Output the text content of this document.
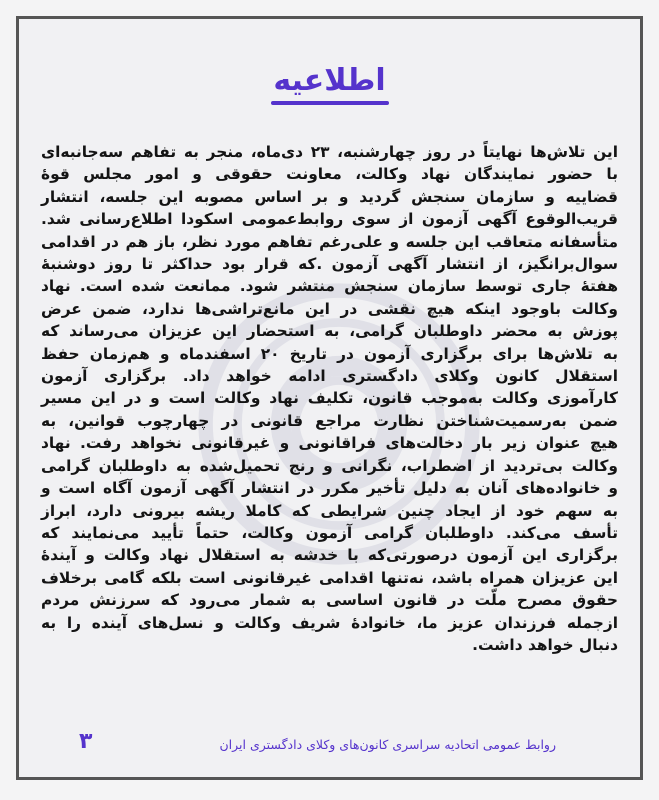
اطلاعیه
این تلاش‌ها نهایتاً در روز چهارشنبه، ۲۳ دی‌ماه، منجر به تفاهم سه‌جانبه‌ای
با حضور نمایندگان نهاد وکالت، معاونت حقوقی و امور مجلس قوۀ
قضاییه و سازمان سنجش گردید و بر اساس مصوبه این جلسه، انتشار
قریب‌الوقوع آگهی آزمون از سوی روابط‌عمومی اسکودا اطلاع‌رسانی شد.
متأسفانه متعاقب این جلسه و علی‌رغم تفاهم مورد نظر، باز هم در اقدامی
سوال‌برانگیز، از انتشار آگهی آزمون .که قرار بود حداکثر تا روز دوشنبۀ
هفتۀ جاری توسط سازمان سنجش منتشر شود. ممانعت شده است. نهاد
وکالت باوجود اینکه هیچ نقشی در این مانع‌تراشی‌ها ندارد، ضمن عرض
پوزش به محضر داوطلبان گرامی، به استحضار این عزیزان می‌رساند که
به تلاش‌ها برای برگزاری آزمون در تاریخ ۲۰ اسفندماه و هم‌زمان حفظ
استقلال کانون وکلای دادگستری ادامه خواهد داد. برگزاری آزمون
کارآموزی وکالت به‌موجب قانون، تکلیف نهاد وکالت است و در این مسیر
ضمن به‌رسمیت‌شناختن نظارت مراجع قانونی در چهارچوب قوانین، به
هیچ عنوان زیر بار دخالت‌های فراقانونی و غیرقانونی نخواهد رفت. نهاد
وکالت بی‌تردید از اضطراب، نگرانی و رنج تحمیل‌شده به داوطلبان گرامی
و خانواده‌های آنان به دلیل تأخیر مکرر در انتشار آگهی آزمون آگاه است و
به سهم خود از ایجاد چنین شرایطی که کاملا ریشه بیرونی دارد، ابراز
تأسف می‌کند. داوطلبان گرامی آزمون وکالت، حتماً تأیید می‌نمایند که
برگزاری این آزمون درصورتی‌که با خدشه به استقلال نهاد وکالت و آیندۀ
این عزیزان همراه باشد، نه‌تنها اقدامی غیرقانونی است بلکه گامی برخلاف
حقوق مصرح ملّت در قانون اساسی به شمار می‌رود که سرزنش مردم
ازجمله فرزندان عزیز ما، خانوادۀ شریف وکالت و نسل‌های آینده را به
دنبال خواهد داشت.
۳	روابط عمومی اتحادیه سراسری کانون‌های وکلای دادگستری ایران
